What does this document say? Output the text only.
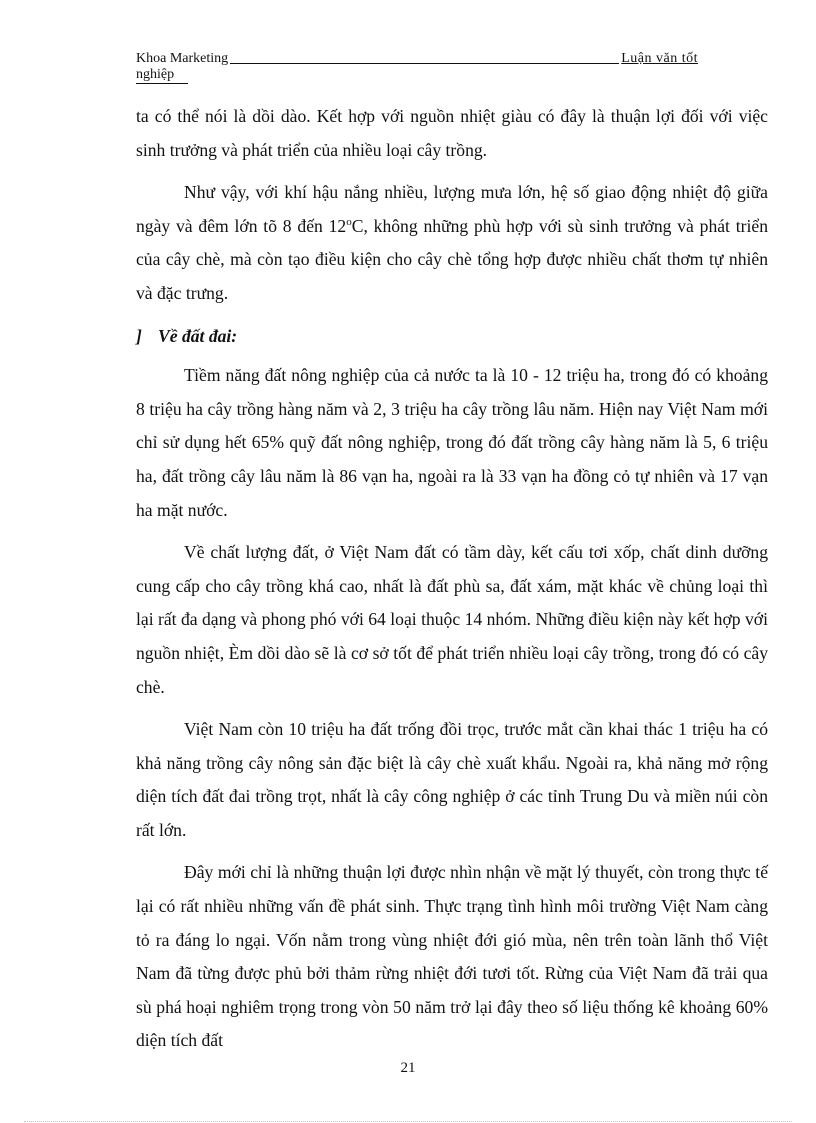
Khoa Marketing	Luận văn tốt
nghiệp

ta có thể nói là dồi dào. Kết hợp với nguồn nhiệt giàu có đây là thuận lợi đối với việc sinh trưởng và phát triển của nhiều loại cây trồng.

Như vậy, với khí hậu nắng nhiều, lượng mưa lớn, hệ số giao động nhiệt độ giữa ngày và đêm lớn tõ 8 đến 12$^o$C, không những phù hợp với sù sinh trưởng và phát triển của cây chè, mà còn tạo điều kiện cho cây chè tổng hợp được nhiều chất thơm tự nhiên và đặc trưng.

] Về đất đai:

Tiềm năng đất nông nghiệp của cả nước ta là 10 - 12 triệu ha, trong đó có khoảng 8 triệu ha cây trồng hàng năm và 2, 3 triệu ha cây trồng lâu năm. Hiện nay Việt Nam mới chỉ sử dụng hết 65% quỹ đất nông nghiệp, trong đó đất trồng cây hàng năm là 5, 6 triệu ha, đất trồng cây lâu năm là 86 vạn ha, ngoài ra là 33 vạn ha đồng cỏ tự nhiên và 17 vạn ha mặt nước.

Về chất lượng đất, ở Việt Nam đất có tầm dày, kết cấu tơi xốp, chất dinh dưỡng cung cấp cho cây trồng khá cao, nhất là đất phù sa, đất xám, mặt khác về chủng loại thì lại rất đa dạng và phong phó với 64 loại thuộc 14 nhóm. Những điều kiện này kết hợp với nguồn nhiệt, Èm dồi dào sẽ là cơ sở tốt để phát triển nhiều loại cây trồng, trong đó có cây chè.

Việt Nam còn 10 triệu ha đất trống đồi trọc, trước mắt cần khai thác 1 triệu ha có khả năng trồng cây nông sản đặc biệt là cây chè xuất khẩu. Ngoài ra, khả năng mở rộng diện tích đất đai trồng trọt, nhất là cây công nghiệp ở các tỉnh Trung Du và miền núi còn rất lớn.

Đây mới chỉ là những thuận lợi được nhìn nhận về mặt lý thuyết, còn trong thực tế lại có rất nhiều những vấn đề phát sinh. Thực trạng tình hình môi trường Việt Nam càng tỏ ra đáng lo ngại. Vốn nằm trong vùng nhiệt đới gió mùa, nên trên toàn lãnh thổ Việt Nam đã từng được phủ bởi thảm rừng nhiệt đới tươi tốt. Rừng của Việt Nam đã trải qua sù phá hoại nghiêm trọng trong vòn 50 năm trở lại đây theo số liệu thống kê khoảng 60% diện tích đất

21
